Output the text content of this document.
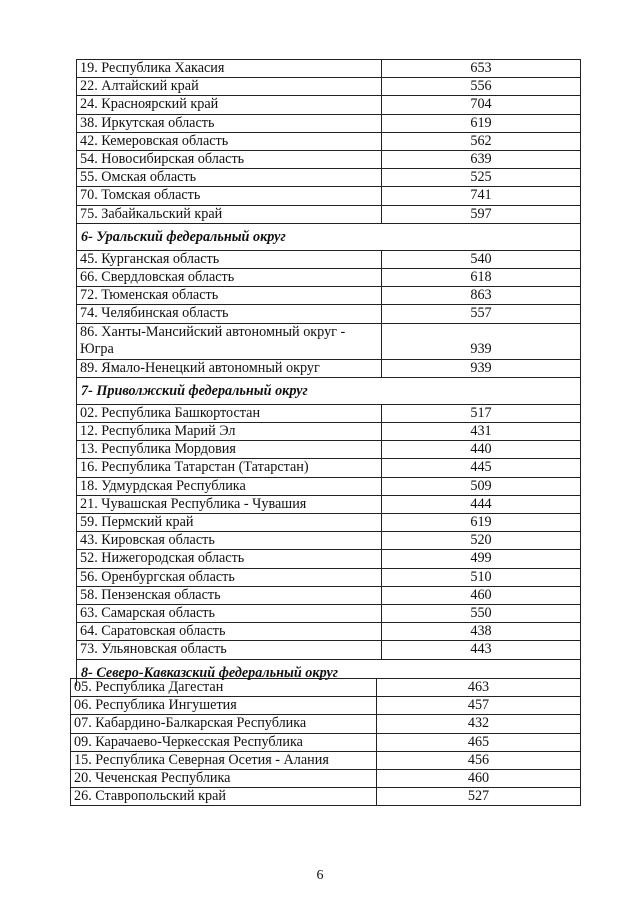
19. Республика Хакасия	653
22. Алтайский край	556
24. Красноярский край	704
38. Иркутская область	619
42. Кемеровская область	562
54. Новосибирская область	639
55. Омская область	525
70. Томская область	741
75. Забайкальский край	597
6- Уральский федеральный округ
45. Курганская область	540
66. Свердловская область	618
72. Тюменская область	863
74. Челябинская область	557
86. Ханты-Мансийский автономный округ - Югра	939
89. Ямало-Ненецкий автономный округ	939
7- Приволжский федеральный округ
02. Республика Башкортостан	517
12. Республика Марий Эл	431
13. Республика Мордовия	440
16. Республика Татарстан (Татарстан)	445
18. Удмурдская Республика	509
21. Чувашская Республика - Чувашия	444
59. Пермский край	619
43. Кировская область	520
52. Нижегородская область	499
56. Оренбургская область	510
58. Пензенская область	460
63. Самарская область	550
64. Саратовская область	438
73. Ульяновская область	443
8- Северо-Кавказский федеральный округ
05. Республика Дагестан	463
06. Республика Ингушетия	457
07. Кабардино-Балкарская Республика	432
09. Карачаево-Черкесская Республика	465
15. Республика Северная Осетия - Алания	456
20. Чеченская Республика	460
26. Ставропольский край	527
6
